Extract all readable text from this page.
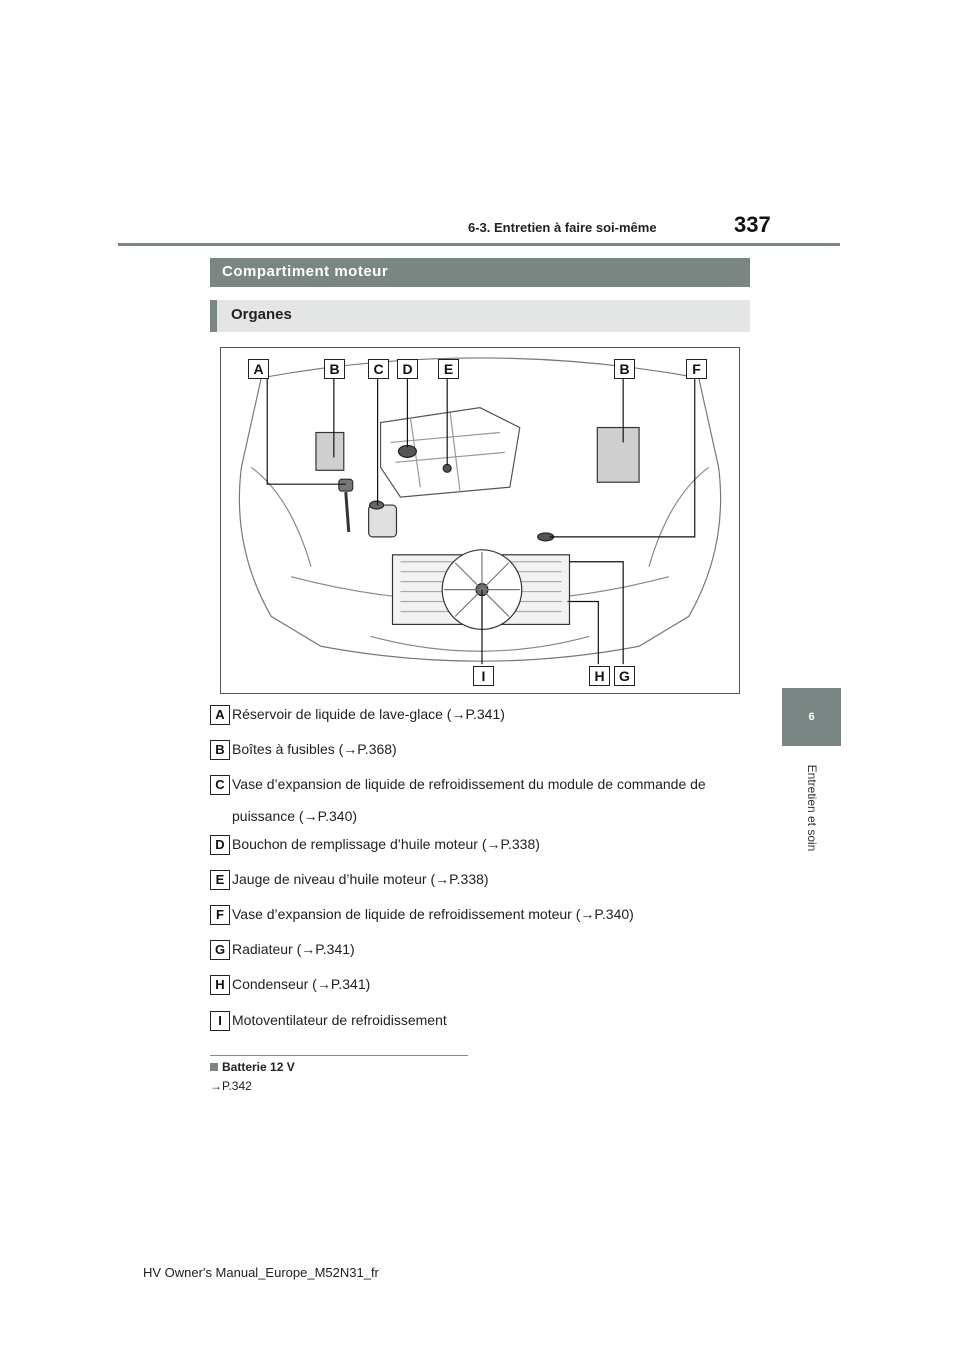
6-3. Entretien à faire soi-même	337
6
Entretien et soin
Compartiment moteur
Organes
A	B	C	D	E	B	F
I	H	G
A Réservoir de liquide de lave-glace (→P.341)
B Boîtes à fusibles (→P.368)
C Vase d’expansion de liquide de refroidissement du module de commande de
puissance (→P.340)
D Bouchon de remplissage d’huile moteur (→P.338)
E Jauge de niveau d’huile moteur (→P.338)
F Vase d’expansion de liquide de refroidissement moteur (→P.340)
G Radiateur (→P.341)
H Condenseur (→P.341)
I Motoventilateur de refroidissement
Batterie 12 V
→P.342
HV Owner's Manual_Europe_M52N31_fr
